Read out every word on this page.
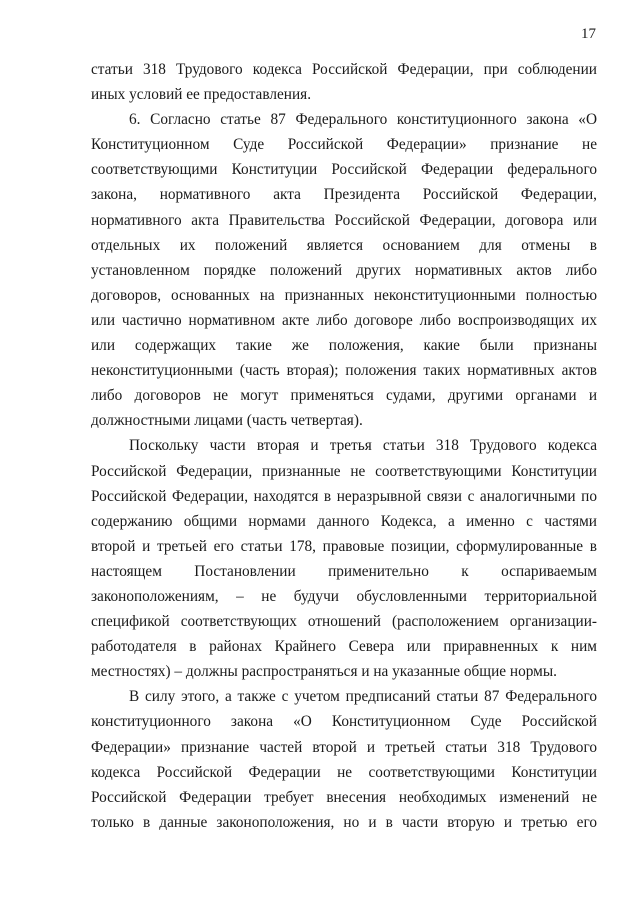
17
статьи 318 Трудового кодекса Российской Федерации, при соблюдении
иных условий ее предоставления.
6. Согласно статье 87 Федерального конституционного закона «О
Конституционном Суде Российской Федерации» признание не
соответствующими Конституции Российской Федерации федерального
закона, нормативного акта Президента Российской Федерации,
нормативного акта Правительства Российской Федерации, договора или
отдельных их положений является основанием для отмены в
установленном порядке положений других нормативных актов либо
договоров, основанных на признанных неконституционными полностью
или частично нормативном акте либо договоре либо воспроизводящих их
или содержащих такие же положения, какие были признаны
неконституционными (часть вторая); положения таких нормативных актов
либо договоров не могут применяться судами, другими органами и
должностными лицами (часть четвертая).
Поскольку части вторая и третья статьи 318 Трудового кодекса
Российской Федерации, признанные не соответствующими Конституции
Российской Федерации, находятся в неразрывной связи с аналогичными по
содержанию общими нормами данного Кодекса, а именно с частями
второй и третьей его статьи 178, правовые позиции, сформулированные в
настоящем Постановлении применительно к оспариваемым
законоположениям, – не будучи обусловленными территориальной
спецификой соответствующих отношений (расположением организации-
работодателя в районах Крайнего Севера или приравненных к ним
местностях) – должны распространяться и на указанные общие нормы.
В силу этого, а также с учетом предписаний статьи 87 Федерального
конституционного закона «О Конституционном Суде Российской
Федерации» признание частей второй и третьей статьи 318 Трудового
кодекса Российской Федерации не соответствующими Конституции
Российской Федерации требует внесения необходимых изменений не
только в данные законоположения, но и в части вторую и третью его
